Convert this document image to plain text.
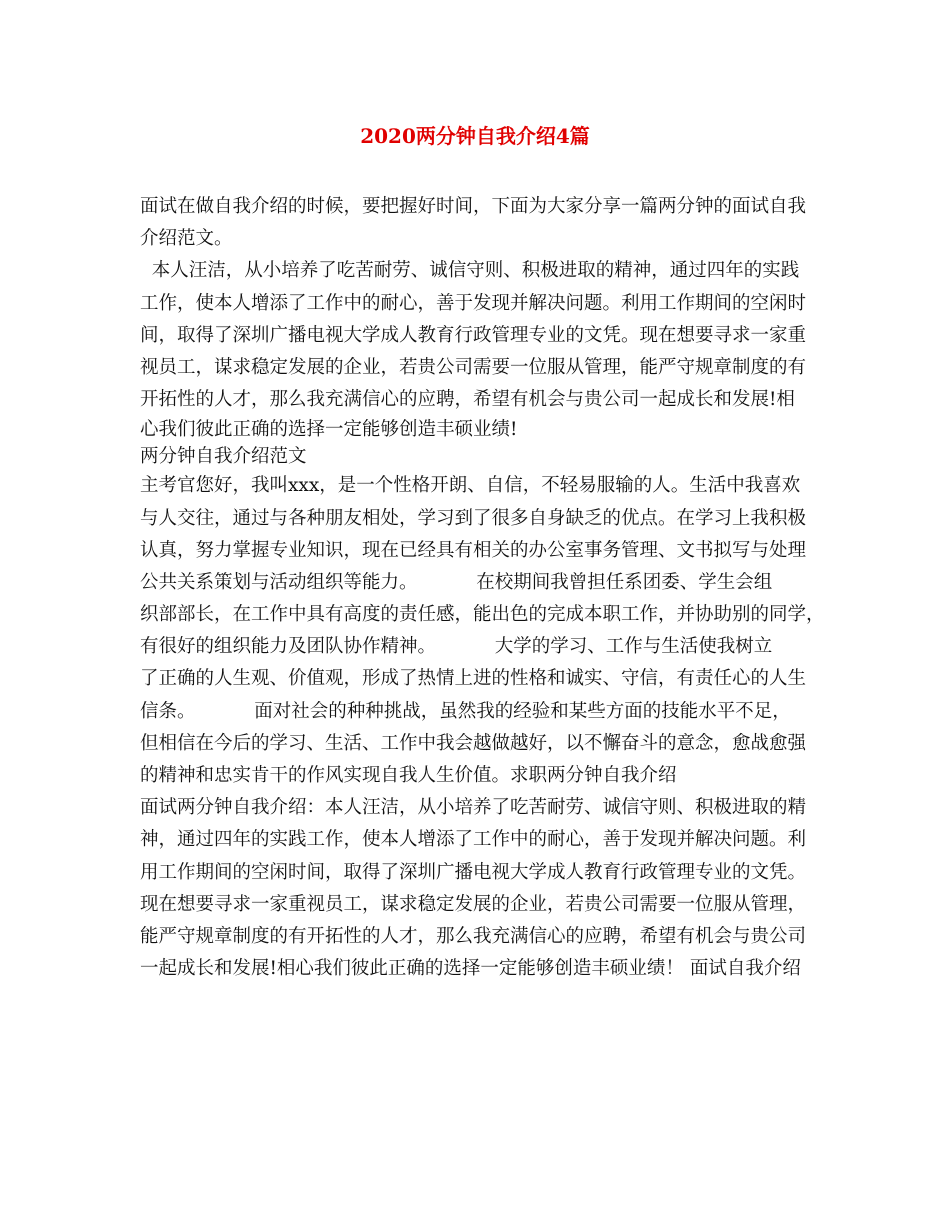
2020两分钟自我介绍4篇
面试在做自我介绍的时候，要把握好时间，下面为大家分享一篇两分钟的面试自我
介绍范文。
本人汪洁，从小培养了吃苦耐劳、诚信守则、积极进取的精神，通过四年的实践
工作，使本人增添了工作中的耐心，善于发现并解决问题。利用工作期间的空闲时
间，取得了深圳广播电视大学成人教育行政管理专业的文凭。现在想要寻求一家重
视员工，谋求稳定发展的企业，若贵公司需要一位服从管理，能严守规章制度的有
开拓性的人才，那么我充满信心的应聘，希望有机会与贵公司一起成长和发展!相
心我们彼此正确的选择一定能够创造丰硕业绩!
两分钟自我介绍范文
主考官您好，我叫xxx，是一个性格开朗、自信，不轻易服输的人。生活中我喜欢
与人交往，通过与各种朋友相处，学习到了很多自身缺乏的优点。在学习上我积极
认真，努力掌握专业知识，现在已经具有相关的办公室事务管理、文书拟写与处理
公共关系策划与活动组织等能力。          在校期间我曾担任系团委、学生会组
织部部长，在工作中具有高度的责任感，能出色的完成本职工作，并协助别的同学，
有很好的组织能力及团队协作精神。          大学的学习、工作与生活使我树立
了正确的人生观、价值观，形成了热情上进的性格和诚实、守信，有责任心的人生
信条。          面对社会的种种挑战，虽然我的经验和某些方面的技能水平不足，
但相信在今后的学习、生活、工作中我会越做越好，以不懈奋斗的意念，愈战愈强
的精神和忠实肯干的作风实现自我人生价值。求职两分钟自我介绍
面试两分钟自我介绍：本人汪洁，从小培养了吃苦耐劳、诚信守则、积极进取的精
神，通过四年的实践工作，使本人增添了工作中的耐心，善于发现并解决问题。利
用工作期间的空闲时间，取得了深圳广播电视大学成人教育行政管理专业的文凭。
现在想要寻求一家重视员工，谋求稳定发展的企业，若贵公司需要一位服从管理，
能严守规章制度的有开拓性的人才，那么我充满信心的应聘，希望有机会与贵公司
一起成长和发展!相心我们彼此正确的选择一定能够创造丰硕业绩！ 面试自我介绍
